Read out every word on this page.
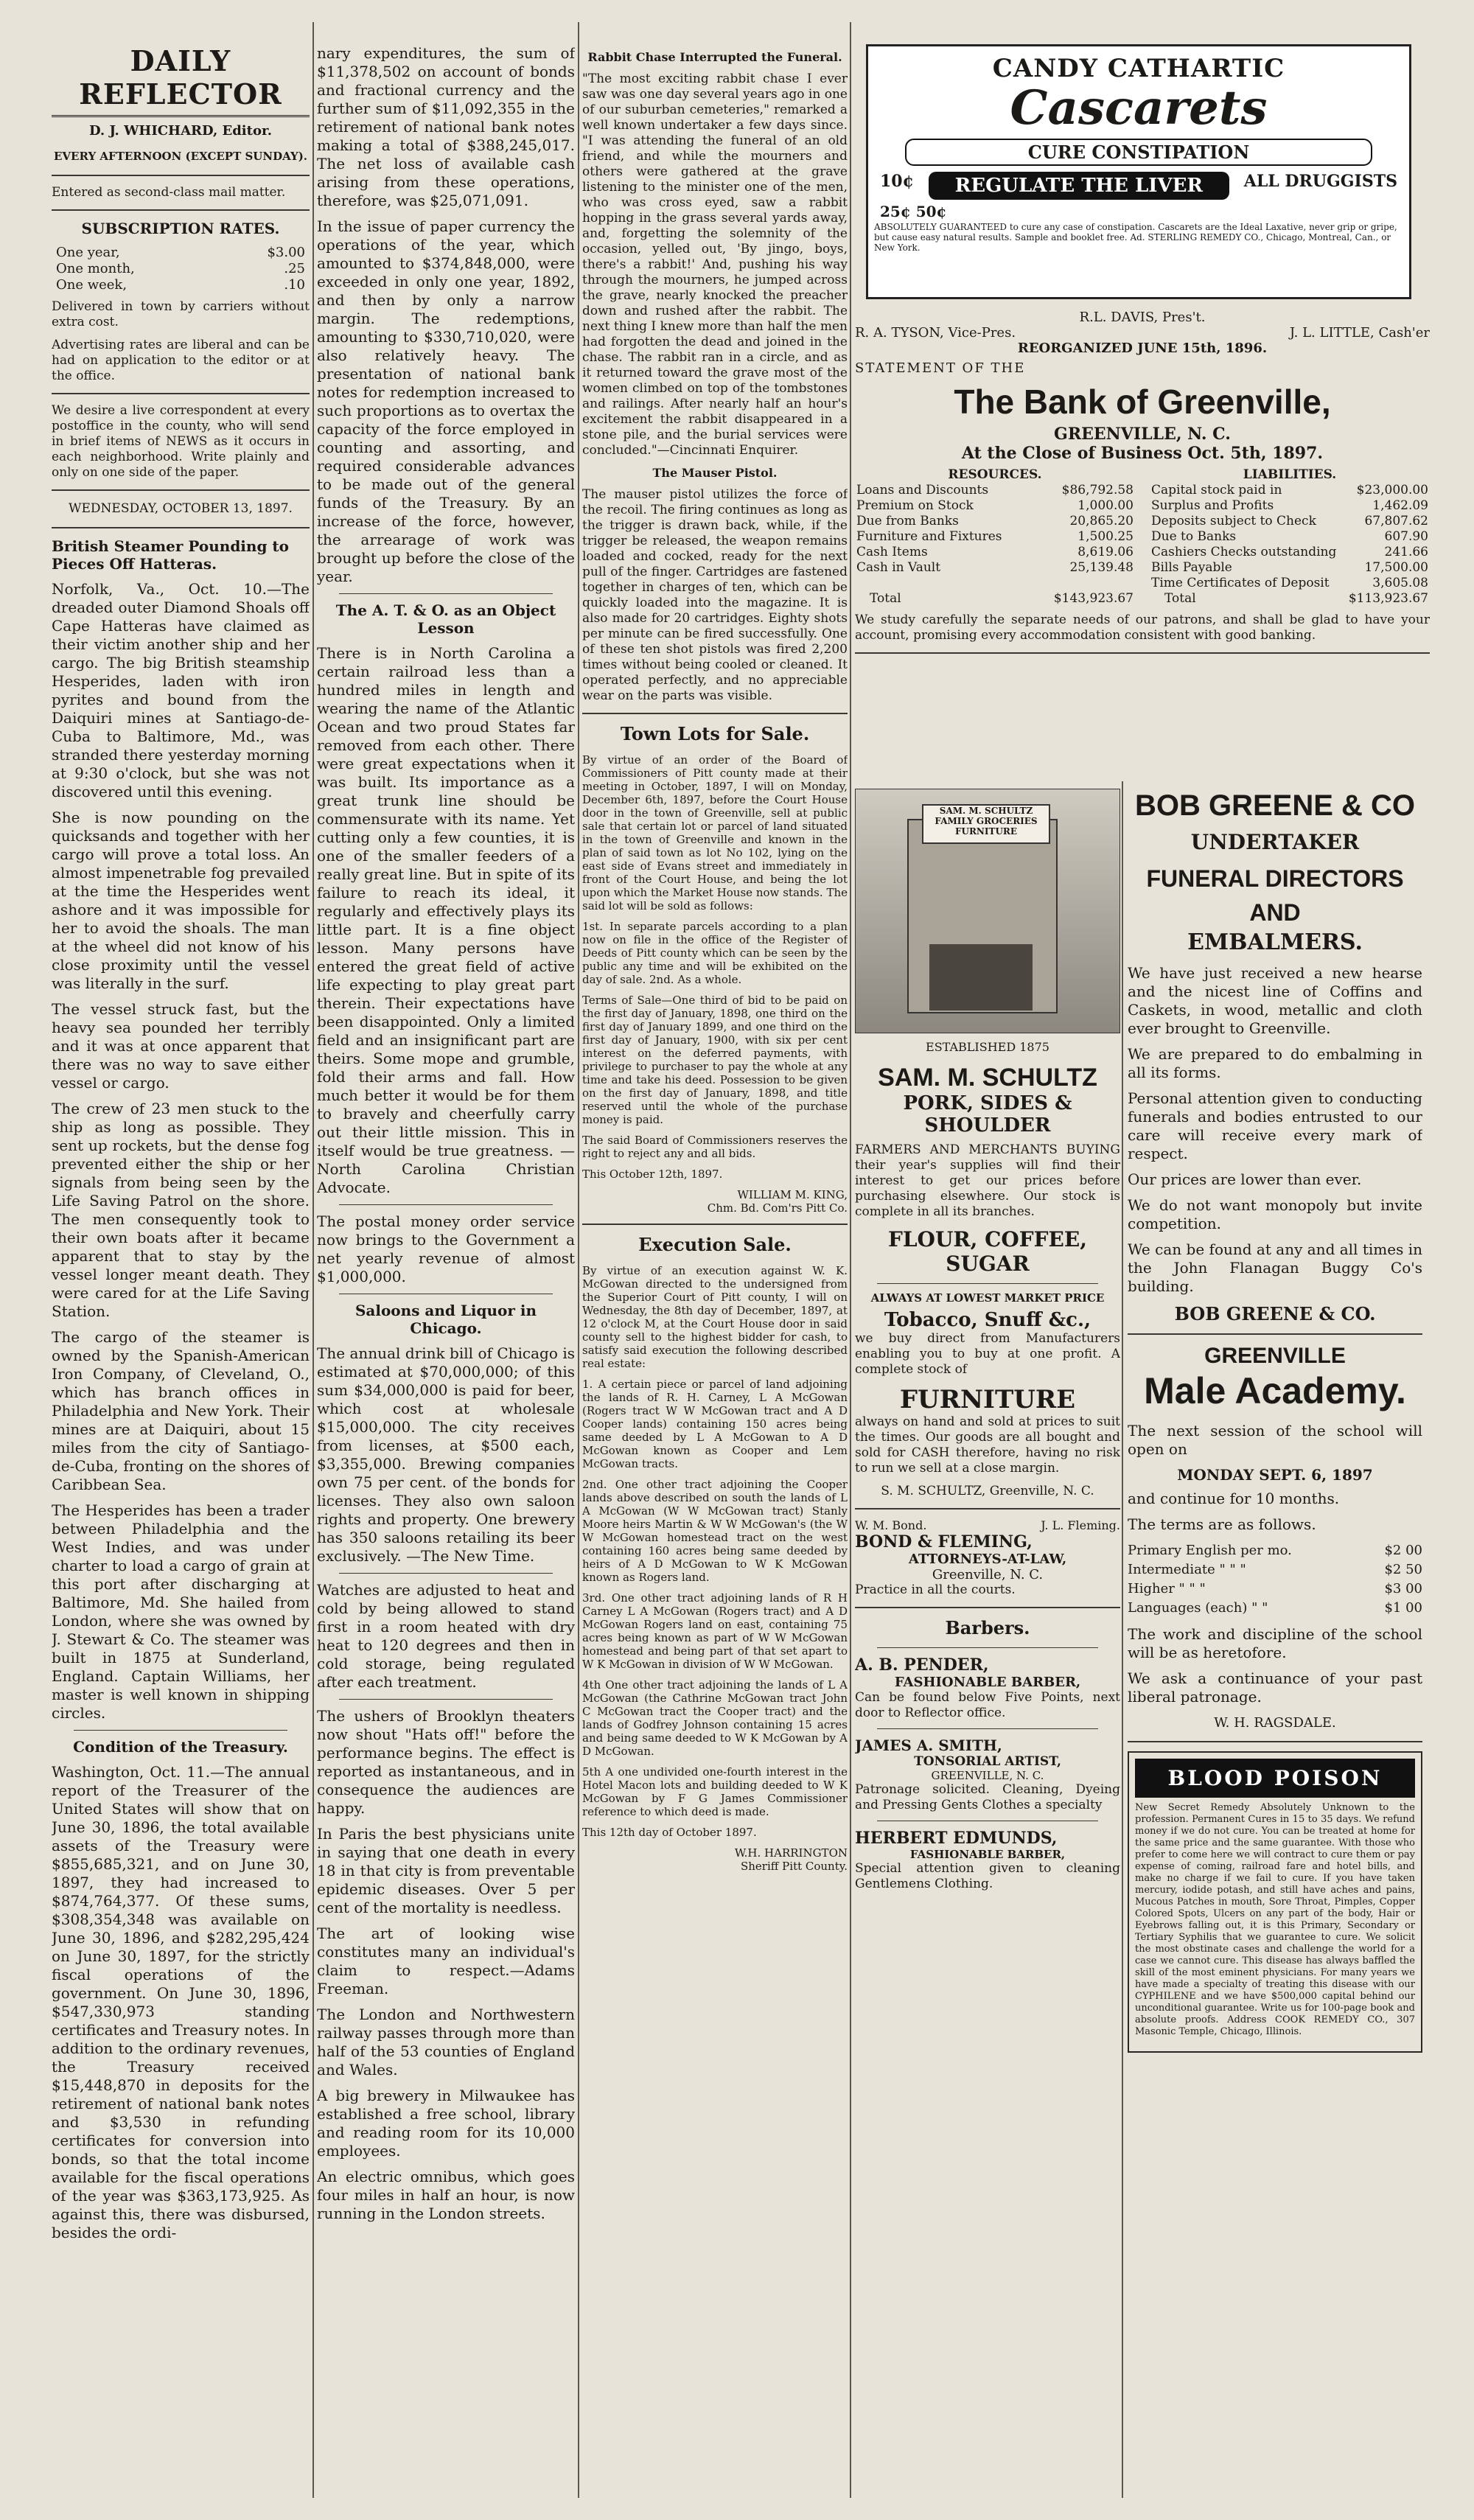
DAILY REFLECTOR

D. J. WHICHARD, Editor.

EVERY AFTERNOON (EXCEPT SUNDAY).

Entered as second-class mail matter.

SUBSCRIPTION RATES.
One year,	$3.00
One month,	.25
One week,	.10

Delivered in town by carriers without extra cost.

Advertising rates are liberal and can be had on application to the editor or at the office.

We desire a live correspondent at every postoffice in the county, who will send in brief items of NEWS as it occurs in each neighborhood. Write plainly and only on one side of the paper.

WEDNESDAY, OCTOBER 13, 1897.

British Steamer Pounding to Pieces Off Hatteras.

Norfolk, Va., Oct. 10.—The dreaded outer Diamond Shoals off Cape Hatteras have claimed as their victim another ship and her cargo. The big British steamship Hesperides, laden with iron pyrites and bound from the Daiquiri mines at Santiago-de-Cuba to Baltimore, Md., was stranded there yesterday morning at 9:30 o'clock, but she was not discovered until this evening.

She is now pounding on the quicksands and together with her cargo will prove a total loss. An almost impenetrable fog prevailed at the time the Hesperides went ashore and it was impossible for her to avoid the shoals. The man at the wheel did not know of his close proximity until the vessel was literally in the surf.

The vessel struck fast, but the heavy sea pounded her terribly and it was at once apparent that there was no way to save either vessel or cargo.

The crew of 23 men stuck to the ship as long as possible. They sent up rockets, but the dense fog prevented either the ship or her signals from being seen by the Life Saving Patrol on the shore. The men consequently took to their own boats after it became apparent that to stay by the vessel longer meant death. They were cared for at the Life Saving Station.

The cargo of the steamer is owned by the Spanish-American Iron Company, of Cleveland, O., which has branch offices in Philadelphia and New York. Their mines are at Daiquiri, about 15 miles from the city of Santiago-de-Cuba, fronting on the shores of Caribbean Sea.

The Hesperides has been a trader between Philadelphia and the West Indies, and was under charter to load a cargo of grain at this port after discharging at Baltimore, Md. She hailed from London, where she was owned by J. Stewart & Co. The steamer was built in 1875 at Sunderland, England. Captain Williams, her master is well known in shipping circles.

Condition of the Treasury.

Washington, Oct. 11.—The annual report of the Treasurer of the United States will show that on June 30, 1896, the total available assets of the Treasury were $855,685,321, and on June 30, 1897, they had increased to $874,764,377. Of these sums, $308,354,348 was available on June 30, 1896, and $282,295,424 on June 30, 1897, for the strictly fiscal operations of the government. On June 30, 1896, $547,330,973 standing certificates and Treasury notes. In addition to the ordinary revenues, the Treasury received $15,448,870 in deposits for the retirement of national bank notes and $3,530 in refunding certificates for conversion into bonds, so that the total income available for the fiscal operations of the year was $363,173,925. As against this, there was disbursed, besides the ordi-

nary expenditures, the sum of $11,378,502 on account of bonds and fractional currency and the further sum of $11,092,355 in the retirement of national bank notes making a total of $388,245,017. The net loss of available cash arising from these operations, therefore, was $25,071,091.

In the issue of paper currency the operations of the year, which amounted to $374,848,000, were exceeded in only one year, 1892, and then by only a narrow margin. The redemptions, amounting to $330,710,020, were also relatively heavy. The presentation of national bank notes for redemption increased to such proportions as to overtax the capacity of the force employed in counting and assorting, and required considerable advances to be made out of the general funds of the Treasury. By an increase of the force, however, the arrearage of work was brought up before the close of the year.

The A. T. & O. as an Object Lesson

There is in North Carolina a certain railroad less than a hundred miles in length and wearing the name of the Atlantic Ocean and two proud States far removed from each other. There were great expectations when it was built. Its importance as a great trunk line should be commensurate with its name. Yet cutting only a few counties, it is one of the smaller feeders of a really great line. But in spite of its failure to reach its ideal, it regularly and effectively plays its little part. It is a fine object lesson. Many persons have entered the great field of active life expecting to play great part therein. Their expectations have been disappointed. Only a limited field and an insignificant part are theirs. Some mope and grumble, fold their arms and fall. How much better it would be for them to bravely and cheerfully carry out their little mission. This in itself would be true greatness. —North Carolina Christian Advocate.

The postal money order service now brings to the Government a net yearly revenue of almost $1,000,000.

Saloons and Liquor in Chicago.

The annual drink bill of Chicago is estimated at $70,000,000; of this sum $34,000,000 is paid for beer, which cost at wholesale $15,000,000. The city receives from licenses, at $500 each, $3,355,000. Brewing companies own 75 per cent. of the bonds for licenses. They also own saloon rights and property. One brewery has 350 saloons retailing its beer exclusively. —The New Time.

Watches are adjusted to heat and cold by being allowed to stand first in a room heated with dry heat to 120 degrees and then in cold storage, being regulated after each treatment.

The ushers of Brooklyn theaters now shout "Hats off!" before the performance begins. The effect is reported as instantaneous, and in consequence the audiences are happy.

In Paris the best physicians unite in saying that one death in every 18 in that city is from preventable epidemic diseases. Over 5 per cent of the mortality is needless.

The art of looking wise constitutes many an individual's claim to respect.—Adams Freeman.

The London and Northwestern railway passes through more than half of the 53 counties of England and Wales.

A big brewery in Milwaukee has established a free school, library and reading room for its 10,000 employees.

An electric omnibus, which goes four miles in half an hour, is now running in the London streets.

Rabbit Chase Interrupted the Funeral.

"The most exciting rabbit chase I ever saw was one day several years ago in one of our suburban cemeteries," remarked a well known undertaker a few days since. "I was attending the funeral of an old friend, and while the mourners and others were gathered at the grave listening to the minister one of the men, who was cross eyed, saw a rabbit hopping in the grass several yards away, and, forgetting the solemnity of the occasion, yelled out, 'By jingo, boys, there's a rabbit!' And, pushing his way through the mourners, he jumped across the grave, nearly knocked the preacher down and rushed after the rabbit. The next thing I knew more than half the men had forgotten the dead and joined in the chase. The rabbit ran in a circle, and as it returned toward the grave most of the women climbed on top of the tombstones and railings. After nearly half an hour's excitement the rabbit disappeared in a stone pile, and the burial services were concluded."—Cincinnati Enquirer.

The Mauser Pistol.

The mauser pistol utilizes the force of the recoil. The firing continues as long as the trigger is drawn back, while, if the trigger be released, the weapon remains loaded and cocked, ready for the next pull of the finger. Cartridges are fastened together in charges of ten, which can be quickly loaded into the magazine. It is also made for 20 cartridges. Eighty shots per minute can be fired successfully. One of these ten shot pistols was fired 2,200 times without being cooled or cleaned. It operated perfectly, and no appreciable wear on the parts was visible.

Town Lots for Sale.

By virtue of an order of the Board of Commissioners of Pitt county made at their meeting in October, 1897, I will on Monday, December 6th, 1897, before the Court House door in the town of Greenville, sell at public sale that certain lot or parcel of land situated in the town of Greenville and known in the plan of said town as lot No 102, lying on the east side of Evans street and immediately in front of the Court House, and being the lot upon which the Market House now stands. The said lot will be sold as follows:

1st. In separate parcels according to a plan now on file in the office of the Register of Deeds of Pitt county which can be seen by the public any time and will be exhibited on the day of sale. 2nd. As a whole.

Terms of Sale—One third of bid to be paid on the first day of January, 1898, one third on the first day of January 1899, and one third on the first day of January, 1900, with six per cent interest on the deferred payments, with privilege to purchaser to pay the whole at any time and take his deed. Possession to be given on the first day of January, 1898, and title reserved until the whole of the purchase money is paid.

The said Board of Commissioners reserves the right to reject any and all bids.

This October 12th, 1897.

WILLIAM M. KING,

Chm. Bd. Com'rs Pitt Co.

Execution Sale.

By virtue of an execution against W. K. McGowan directed to the undersigned from the Superior Court of Pitt county, I will on Wednesday, the 8th day of December, 1897, at 12 o'clock M, at the Court House door in said county sell to the highest bidder for cash, to satisfy said execution the following described real estate:

1. A certain piece or parcel of land adjoining the lands of R. H. Carney, L A McGowan (Rogers tract W W McGowan tract and A D Cooper lands) containing 150 acres being same deeded by L A McGowan to A D McGowan known as Cooper and Lem McGowan tracts.

2nd. One other tract adjoining the Cooper lands above described on south the lands of L A McGowan (W W McGowan tract) Stanly Moore heirs Martin & W W McGowan's (the W W McGowan homestead tract on the west containing 160 acres being same deeded by heirs of A D McGowan to W K McGowan known as Rogers land.

3rd. One other tract adjoining lands of R H Carney L A McGowan (Rogers tract) and A D McGowan Rogers land on east, containing 75 acres being known as part of W W McGowan homestead and being part of that set apart to W K McGowan in division of W W McGowan.

4th One other tract adjoining the lands of L A McGowan (the Cathrine McGowan tract John C McGowan tract the Cooper tract) and the lands of Godfrey Johnson containing 15 acres and being same deeded to W K McGowan by A D McGowan.

5th A one undivided one-fourth interest in the Hotel Macon lots and building deeded to W K McGowan by F G James Commissioner reference to which deed is made.

This 12th day of October 1897.

W.H. HARRINGTON

Sheriff Pitt County.

CANDY CATHARTIC
Cascarets
CURE CONSTIPATION
10¢	REGULATE THE LIVER	ALL DRUGGISTS
25¢ 50¢
ABSOLUTELY GUARANTEED to cure any case of constipation. Cascarets are the Ideal Laxative, never grip or gripe, but cause easy natural results. Sample and booklet free. Ad. STERLING REMEDY CO., Chicago, Montreal, Can., or New York.
R.L. DAVIS, Pres't.
R. A. TYSON, Vice-Pres.	J. L. LITTLE, Cash'er
REORGANIZED JUNE 15th, 1896.
STATEMENT OF THE
The Bank of Greenville,
GREENVILLE, N. C.
At the Close of Business Oct. 5th, 1897.
RESOURCES.	
Loans and Discounts	$86,792.58
Premium on Stock	1,000.00
Due from Banks	20,865.20
Furniture and Fixtures	1,500.25
Cash Items	8,619.06
Cash in Vault	25,139.48

Total	$143,923.67
LIABILITIES.	
Capital stock paid in	$23,000.00
Surplus and Profits	1,462.09
Deposits subject to Check	67,807.62
Due to Banks	607.90
Cashiers Checks outstanding	241.66
Bills Payable	17,500.00
Time Certificates of Deposit	3,605.08
Total	$113,923.67

We study carefully the separate needs of our patrons, and shall be glad to have your account, promising every accommodation consistent with good banking.

SAM. M. SCHULTZ FAMILY GROCERIES FURNITURE

ESTABLISHED 1875

SAM. M. SCHULTZ
PORK, SIDES & SHOULDER

FARMERS AND MERCHANTS BUYING their year's supplies will find their interest to get our prices before purchasing elsewhere. Our stock is complete in all its branches.

FLOUR, COFFEE, SUGAR
ALWAYS AT LOWEST MARKET PRICE
Tobacco, Snuff &c.,

we buy direct from Manufacturers enabling you to buy at one profit. A complete stock of

FURNITURE

always on hand and sold at prices to suit the times. Our goods are all bought and sold for CASH therefore, having no risk to run we sell at a close margin.

S. M. SCHULTZ, Greenville, N. C.

W. M. Bond.	J. L. Fleming.
BOND & FLEMING,
ATTORNEYS-AT-LAW,
Greenville, N. C.

Practice in all the courts.

Barbers.
A. B. PENDER,
FASHIONABLE BARBER,

Can be found below Five Points, next door to Reflector office.

JAMES A. SMITH,
TONSORIAL ARTIST,
GREENVILLE, N. C.

Patronage solicited. Cleaning, Dyeing and Pressing Gents Clothes a specialty

HERBERT EDMUNDS,
FASHIONABLE BARBER,

Special attention given to cleaning Gentlemens Clothing.

BOB GREENE & CO
UNDERTAKER
FUNERAL DIRECTORS AND
EMBALMERS.

We have just received a new hearse and the nicest line of Coffins and Caskets, in wood, metallic and cloth ever brought to Greenville.

We are prepared to do embalming in all its forms.

Personal attention given to conducting funerals and bodies entrusted to our care will receive every mark of respect.

Our prices are lower than ever.

We do not want monopoly but invite competition.

We can be found at any and all times in the John Flanagan Buggy Co's building.

BOB GREENE & CO.
GREENVILLE
Male Academy.

The next session of the school will open on

MONDAY SEPT. 6, 1897

and continue for 10 months.

The terms are as follows.

Primary English per mo.	$2 00
Intermediate " " "	$2 50
Higher " " "	$3 00
Languages (each) " "	$1 00

The work and discipline of the school will be as heretofore.

We ask a continuance of your past liberal patronage.

W. H. RAGSDALE.

BLOOD POISON

New Secret Remedy Absolutely Unknown to the profession. Permanent Cures in 15 to 35 days. We refund money if we do not cure. You can be treated at home for the same price and the same guarantee. With those who prefer to come here we will contract to cure them or pay expense of coming, railroad fare and hotel bills, and make no charge if we fail to cure. If you have taken mercury, iodide potash, and still have aches and pains, Mucous Patches in mouth, Sore Throat, Pimples, Copper Colored Spots, Ulcers on any part of the body, Hair or Eyebrows falling out, it is this Primary, Secondary or Tertiary Syphilis that we guarantee to cure. We solicit the most obstinate cases and challenge the world for a case we cannot cure. This disease has always baffled the skill of the most eminent physicians. For many years we have made a specialty of treating this disease with our CYPHILENE and we have $500,000 capital behind our unconditional guarantee. Write us for 100-page book and absolute proofs. Address COOK REMEDY CO., 307 Masonic Temple, Chicago, Illinois.
